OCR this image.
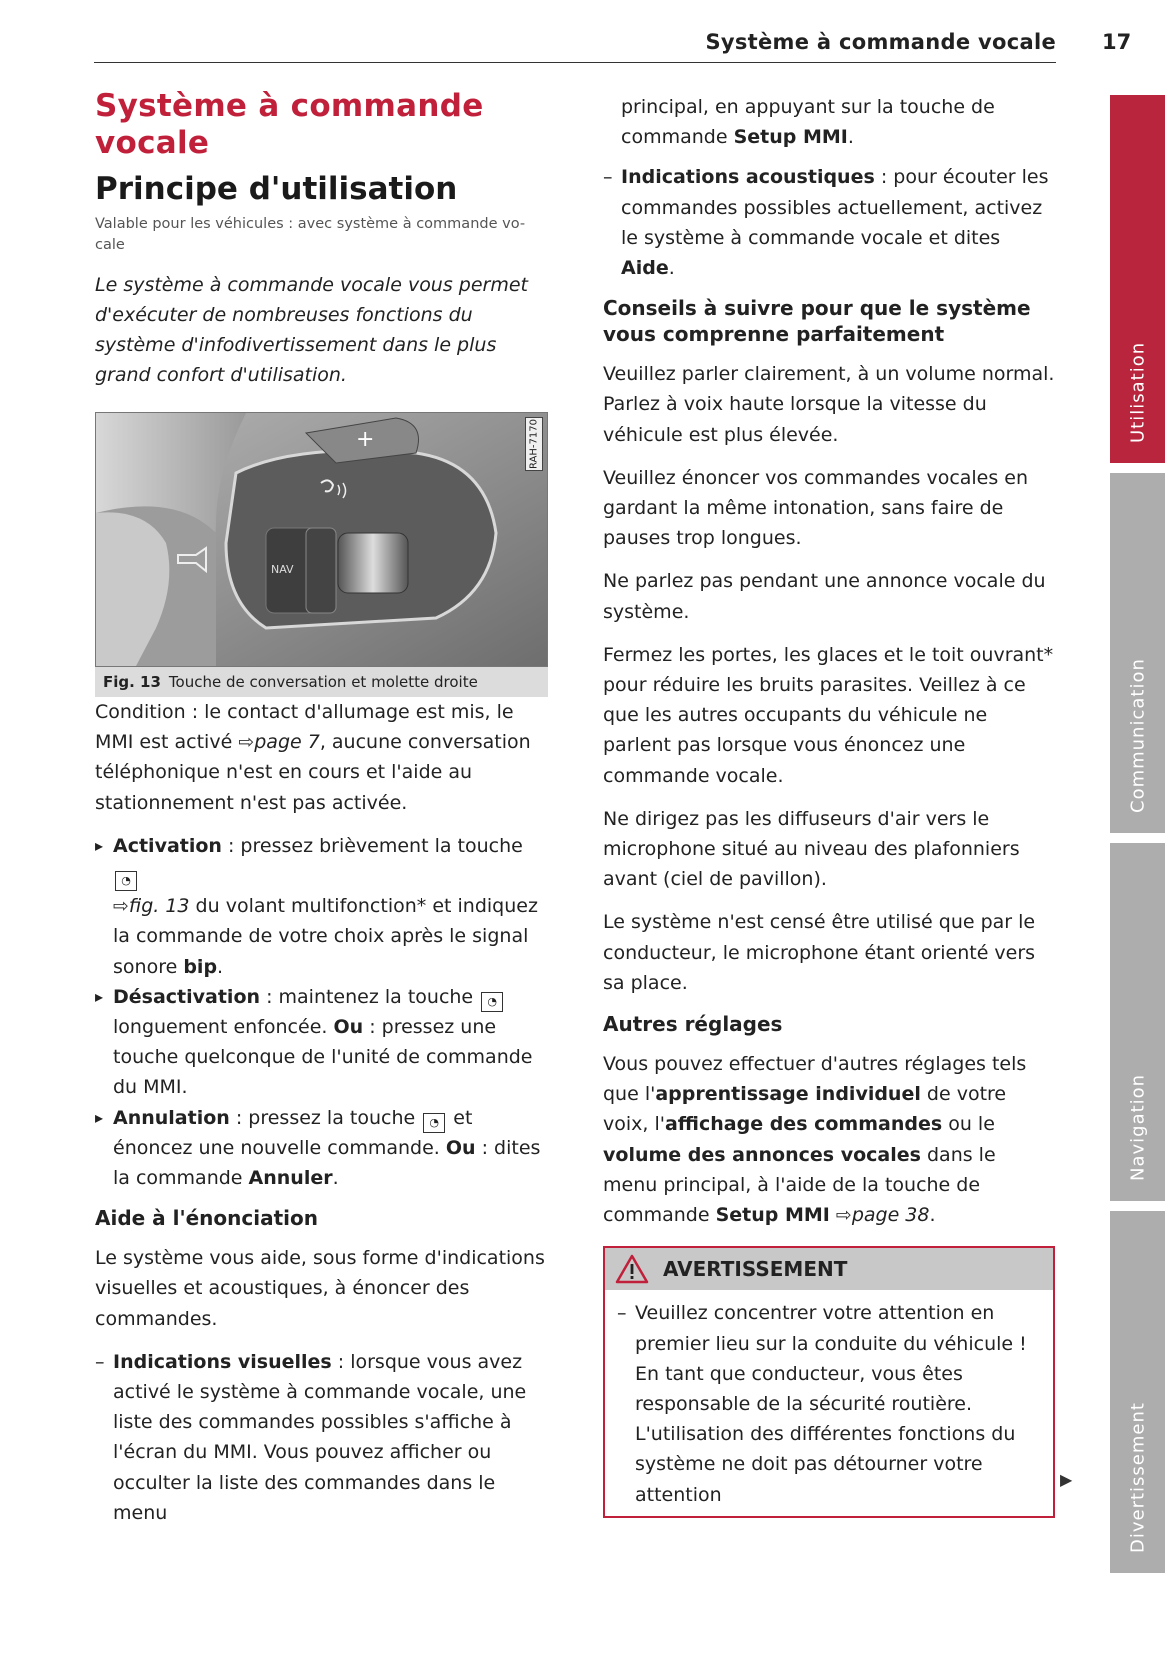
Système à commande vocale 17
Système à commande vocale
Principe d'utilisation

Valable pour les véhicules : avec système à commande vo-cale

Le système à commande vocale vous permet d'exécuter de nombreuses fonctions du système d'infodivertissement dans le plus grand confort d'utilisation.

+
NAV
RAH-7170
Fig. 13 Touche de conversation et molette droite

Condition : le contact d'allumage est mis, le MMI est activé ⇨page 7, aucune conversation téléphonique n'est en cours et l'aide au stationnement n'est pas activée.

▸ Activation : pressez brièvement la touche ◔
⇨fig. 13 du volant multifonction* et indiquez la commande de votre choix après le signal sonore bip.
▸ Désactivation : maintenez la touche ◔ longuement enfoncée. Ou : pressez une touche quelconque de l'unité de commande du MMI.
▸ Annulation : pressez la touche ◔ et énoncez une nouvelle commande. Ou : dites la commande Annuler.
Aide à l'énonciation

Le système vous aide, sous forme d'indications visuelles et acoustiques, à énoncer des commandes.

– Indications visuelles : lorsque vous avez activé le système à commande vocale, une liste des commandes possibles s'affiche à l'écran du MMI. Vous pouvez afficher ou occulter la liste des commandes dans le menu

principal, en appuyant sur la touche de commande Setup MMI.

– Indications acoustiques : pour écouter les commandes possibles actuellement, activez le système à commande vocale et dites Aide.
Conseils à suivre pour que le système vous comprenne parfaitement

Veuillez parler clairement, à un volume normal. Parlez à voix haute lorsque la vitesse du véhicule est plus élevée.

Veuillez énoncer vos commandes vocales en gardant la même intonation, sans faire de pauses trop longues.

Ne parlez pas pendant une annonce vocale du système.

Fermez les portes, les glaces et le toit ouvrant* pour réduire les bruits parasites. Veillez à ce que les autres occupants du véhicule ne parlent pas lorsque vous énoncez une commande vocale.

Ne dirigez pas les diffuseurs d'air vers le microphone situé au niveau des plafonniers avant (ciel de pavillon).

Le système n'est censé être utilisé que par le conducteur, le microphone étant orienté vers sa place.

Autres réglages

Vous pouvez effectuer d'autres réglages tels que l'apprentissage individuel de votre voix, l'affichage des commandes ou le volume des annonces vocales dans le menu principal, à l'aide de la touche de commande Setup MMI ⇨page 38.

AVERTISSEMENT
– Veuillez concentrer votre attention en premier lieu sur la conduite du véhicule ! En tant que conducteur, vous êtes responsable de la sécurité routière. L'utilisation des différentes fonctions du système ne doit pas détourner votre attention
▶
Utilisation
Communication
Navigation
Divertissement
